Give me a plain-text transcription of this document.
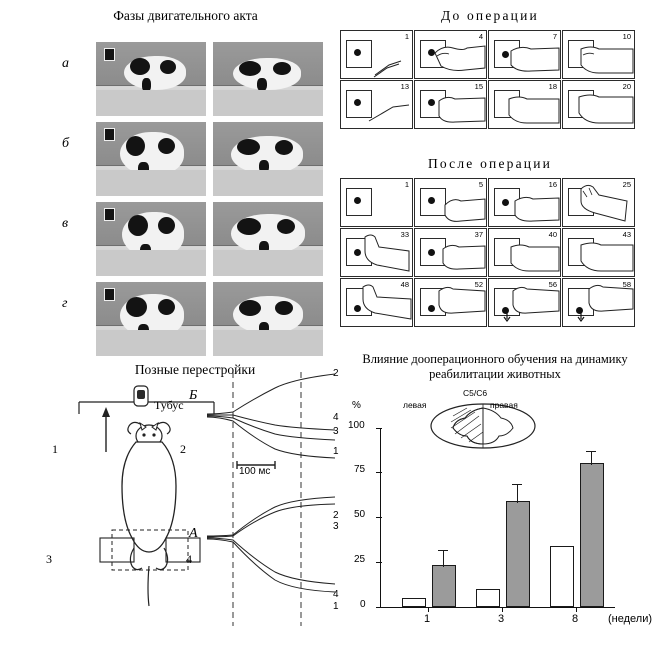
Фазы двигательного акта
а
б
в
г
До операции
1	4	7	10
13	15	18	20
После операции
1	5	16	25
33	37	40	43
48	52	56	58
Позные перестройки
1	2
3	4
Тубус
Б
А
2
4
3
1
100 мс
2
3
4
1
Влияние дооперационного обучения на динамику реабилитации животных
C5/C6
левая	правая
100
75
50
25
0
%
1	3	8	(недели)
